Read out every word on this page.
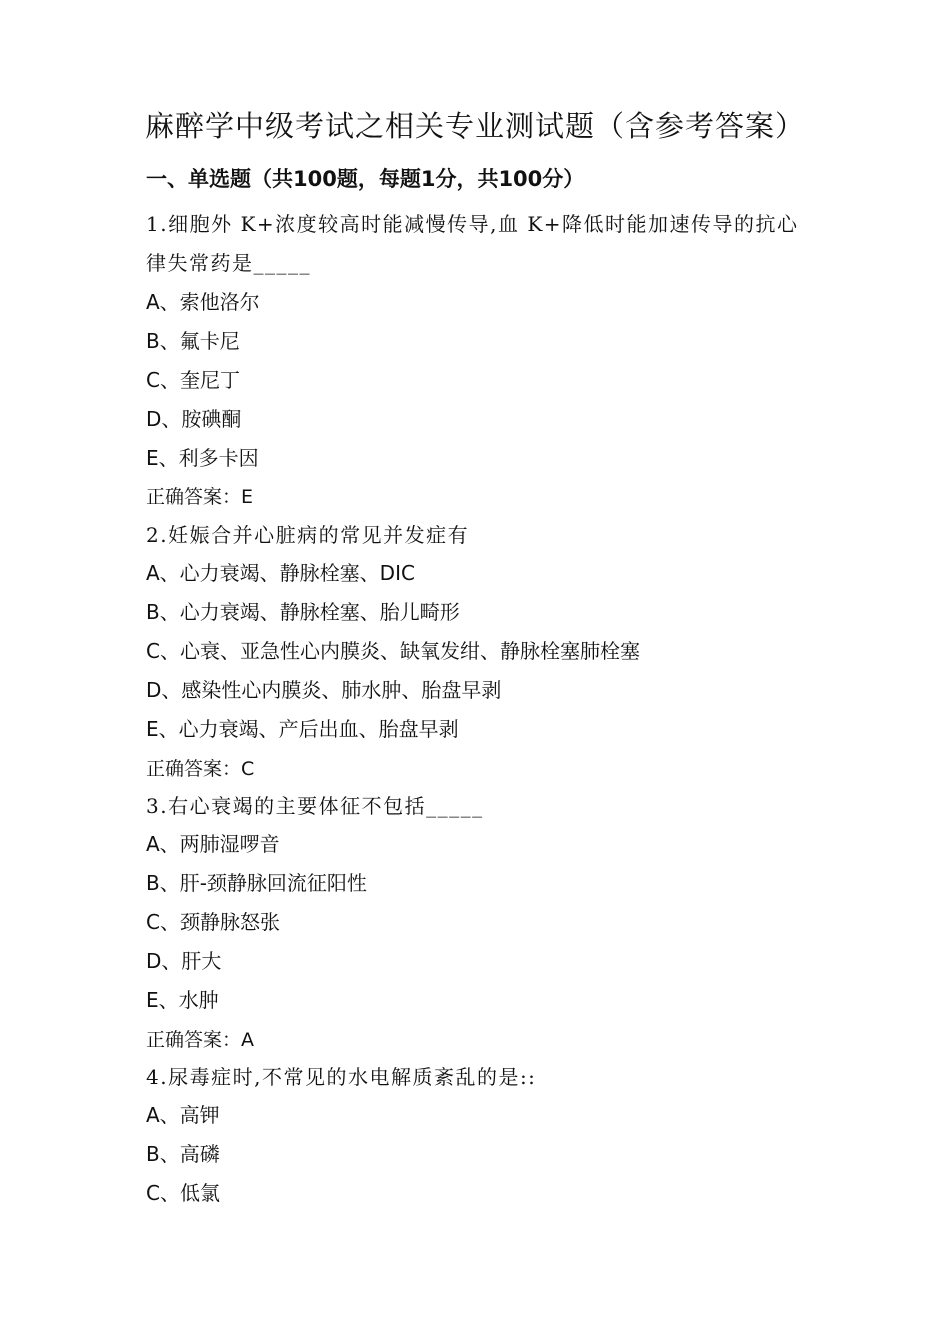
麻醉学中级考试之相关专业测试题（含参考答案）
一、单选题（共100题，每题1分，共100分）
1.细胞外 K+浓度较高时能减慢传导,血 K+降低时能加速传导的抗心
律失常药是_____
A、索他洛尔
B、氟卡尼
C、奎尼丁
D、胺碘酮
E、利多卡因
正确答案：E
2.妊娠合并心脏病的常见并发症有
A、心力衰竭、静脉栓塞、DIC
B、心力衰竭、静脉栓塞、胎儿畸形
C、心衰、亚急性心内膜炎、缺氧发绀、静脉栓塞肺栓塞
D、感染性心内膜炎、肺水肿、胎盘早剥
E、心力衰竭、产后出血、胎盘早剥
正确答案：C
3.右心衰竭的主要体征不包括_____
A、两肺湿啰音
B、肝-颈静脉回流征阳性
C、颈静脉怒张
D、肝大
E、水肿
正确答案：A
4.尿毒症时,不常见的水电解质紊乱的是::
A、高钾
B、高磷
C、低氯
